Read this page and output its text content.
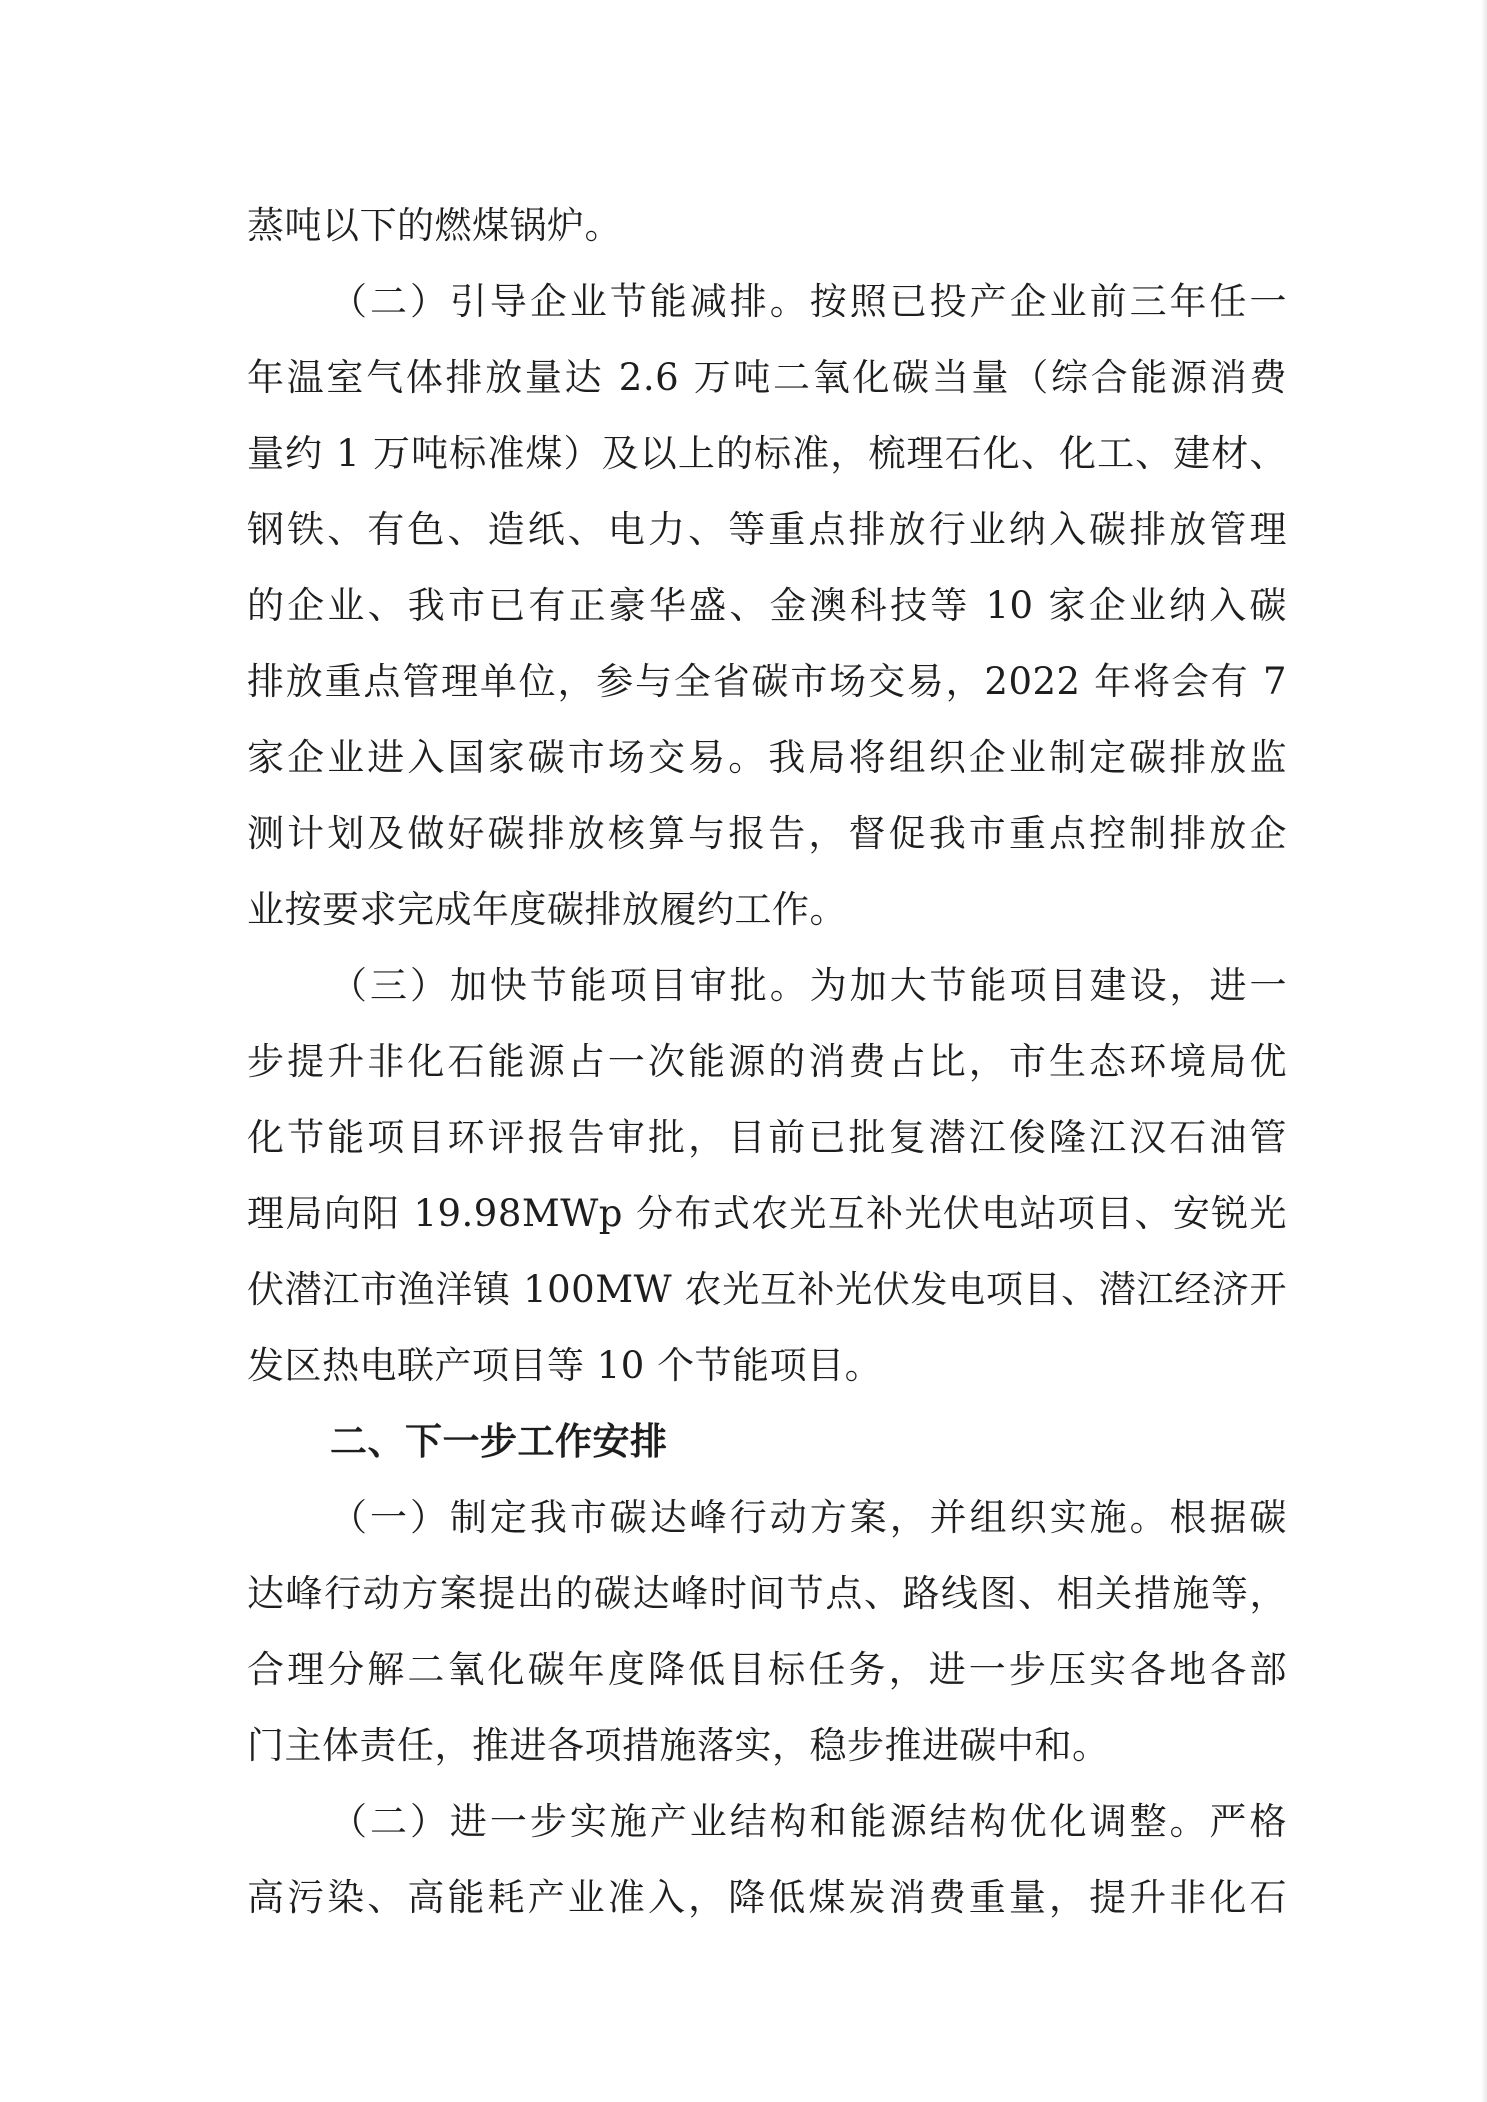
蒸吨以下的燃煤锅炉。
（二）引导企业节能减排。按照已投产企业前三年任一
年温室气体排放量达 2.6 万吨二氧化碳当量（综合能源消费
量约 1 万吨标准煤）及以上的标准，梳理石化、化工、建材、
钢铁、有色、造纸、电力、等重点排放行业纳入碳排放管理
的企业、我市已有正豪华盛、金澳科技等 10 家企业纳入碳
排放重点管理单位，参与全省碳市场交易，2022 年将会有 7
家企业进入国家碳市场交易。我局将组织企业制定碳排放监
测计划及做好碳排放核算与报告，督促我市重点控制排放企
业按要求完成年度碳排放履约工作。
（三）加快节能项目审批。为加大节能项目建设，进一
步提升非化石能源占一次能源的消费占比，市生态环境局优
化节能项目环评报告审批，目前已批复潜江俊隆江汉石油管
理局向阳 19.98MWp 分布式农光互补光伏电站项目、安锐光
伏潜江市渔洋镇 100MW 农光互补光伏发电项目、潜江经济开
发区热电联产项目等 10 个节能项目。
二、下一步工作安排
（一）制定我市碳达峰行动方案，并组织实施。根据碳
达峰行动方案提出的碳达峰时间节点、路线图、相关措施等，
合理分解二氧化碳年度降低目标任务，进一步压实各地各部
门主体责任，推进各项措施落实，稳步推进碳中和。
（二）进一步实施产业结构和能源结构优化调整。严格
高污染、高能耗产业准入，降低煤炭消费重量，提升非化石
